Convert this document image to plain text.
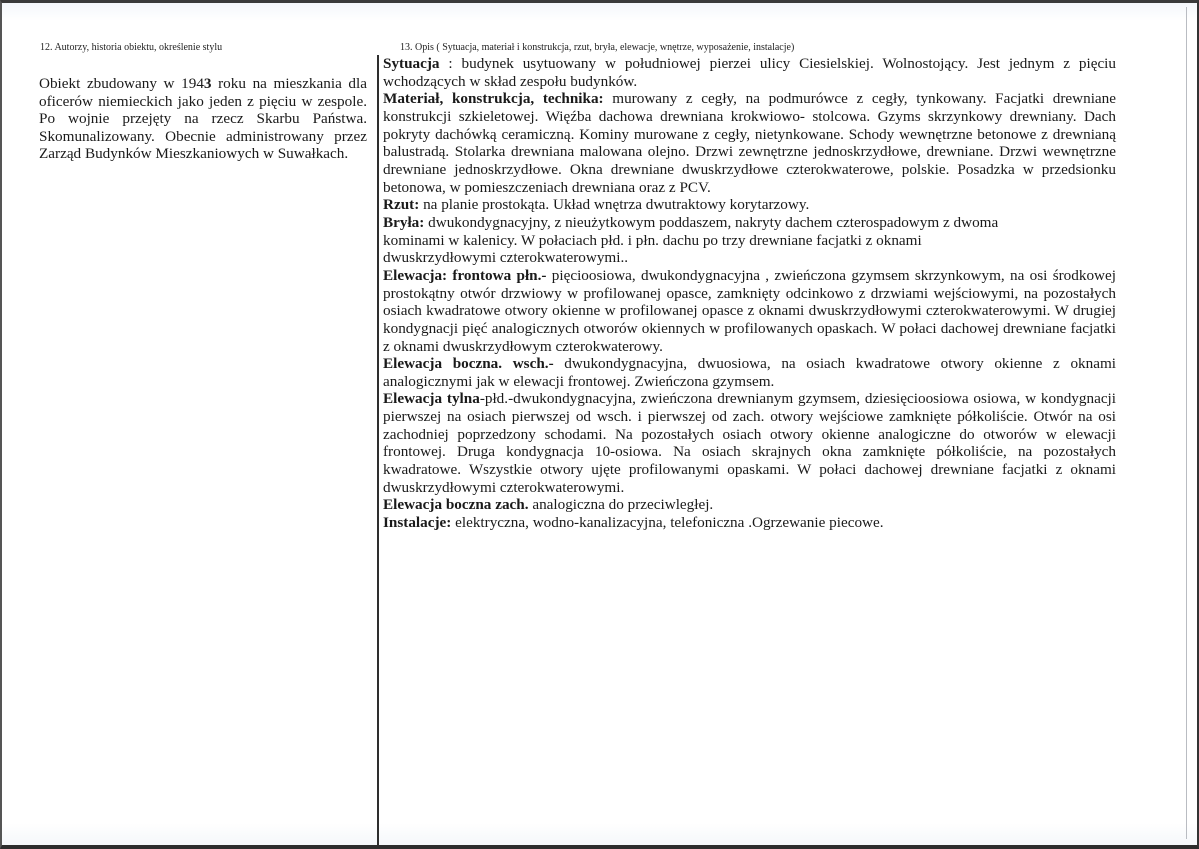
12. Autorzy, historia obiektu, określenie stylu	13. Opis ( Sytuacja, materiał i konstrukcja, rzut, bryła, elewacje, wnętrze, wyposażenie, instalacje)

Obiekt zbudowany w 1943 roku na mieszkania dla oficerów niemieckich jako jeden z pięciu w zespole. Po wojnie przejęty na rzecz Skarbu Państwa. Skomunalizowany. Obecnie administrowany przez Zarząd Budynków Mieszkaniowych w Suwałkach.

Sytuacja : budynek usytuowany w południowej pierzei ulicy Ciesielskiej. Wolnostojący. Jest jednym z pięciu wchodzących w skład zespołu budynków.

Materiał, konstrukcja, technika: murowany z cegły, na podmurówce z cegły, tynkowany. Facjatki drewniane konstrukcji szkieletowej. Więźba dachowa drewniana krokwiowo- stolcowa. Gzyms skrzynkowy drewniany. Dach pokryty dachówką ceramiczną. Kominy murowane z cegły, nietynkowane. Schody wewnętrzne betonowe z drewnianą balustradą. Stolarka drewniana malowana olejno. Drzwi zewnętrzne jednoskrzydłowe, drewniane. Drzwi wewnętrzne drewniane jednoskrzydłowe. Okna drewniane dwuskrzydłowe czterokwaterowe, polskie. Posadzka w przedsionku betonowa, w pomieszczeniach drewniana oraz z PCV.

Rzut: na planie prostokąta. Układ wnętrza dwutraktowy korytarzowy.

Bryła: dwukondygnacyjny, z nieużytkowym poddaszem, nakryty dachem czterospadowym z dwoma kominami w kalenicy. W połaciach płd. i płn. dachu po trzy drewniane facjatki z oknami dwuskrzydłowymi czterokwaterowymi..

Elewacja: frontowa płn.- pięcioosiowa, dwukondygnacyjna , zwieńczona gzymsem skrzynkowym, na osi środkowej prostokątny otwór drzwiowy w profilowanej opasce, zamknięty odcinkowo z drzwiami wejściowymi, na pozostałych osiach kwadratowe otwory okienne w profilowanej opasce z oknami dwuskrzydłowymi czterokwaterowymi. W drugiej kondygnacji pięć analogicznych otworów okiennych w profilowanych opaskach. W połaci dachowej drewniane facjatki z oknami dwuskrzydłowym czterokwaterowy.

Elewacja boczna. wsch.- dwukondygnacyjna, dwuosiowa, na osiach kwadratowe otwory okienne z oknami analogicznymi jak w elewacji frontowej. Zwieńczona gzymsem.

Elewacja tylna-płd.-dwukondygnacyjna, zwieńczona drewnianym gzymsem, dziesięcioosiowa osiowa, w kondygnacji pierwszej na osiach pierwszej od wsch. i pierwszej od zach. otwory wejściowe zamknięte półkoliście. Otwór na osi zachodniej poprzedzony schodami. Na pozostałych osiach otwory okienne analogiczne do otworów w elewacji frontowej. Druga kondygnacja 10-osiowa. Na osiach skrajnych okna zamknięte półkoliście, na pozostałych kwadratowe. Wszystkie otwory ujęte profilowanymi opaskami. W połaci dachowej drewniane facjatki z oknami dwuskrzydłowymi czterokwaterowymi.

Elewacja boczna zach. analogiczna do przeciwległej.

Instalacje: elektryczna, wodno-kanalizacyjna, telefoniczna .Ogrzewanie piecowe.
